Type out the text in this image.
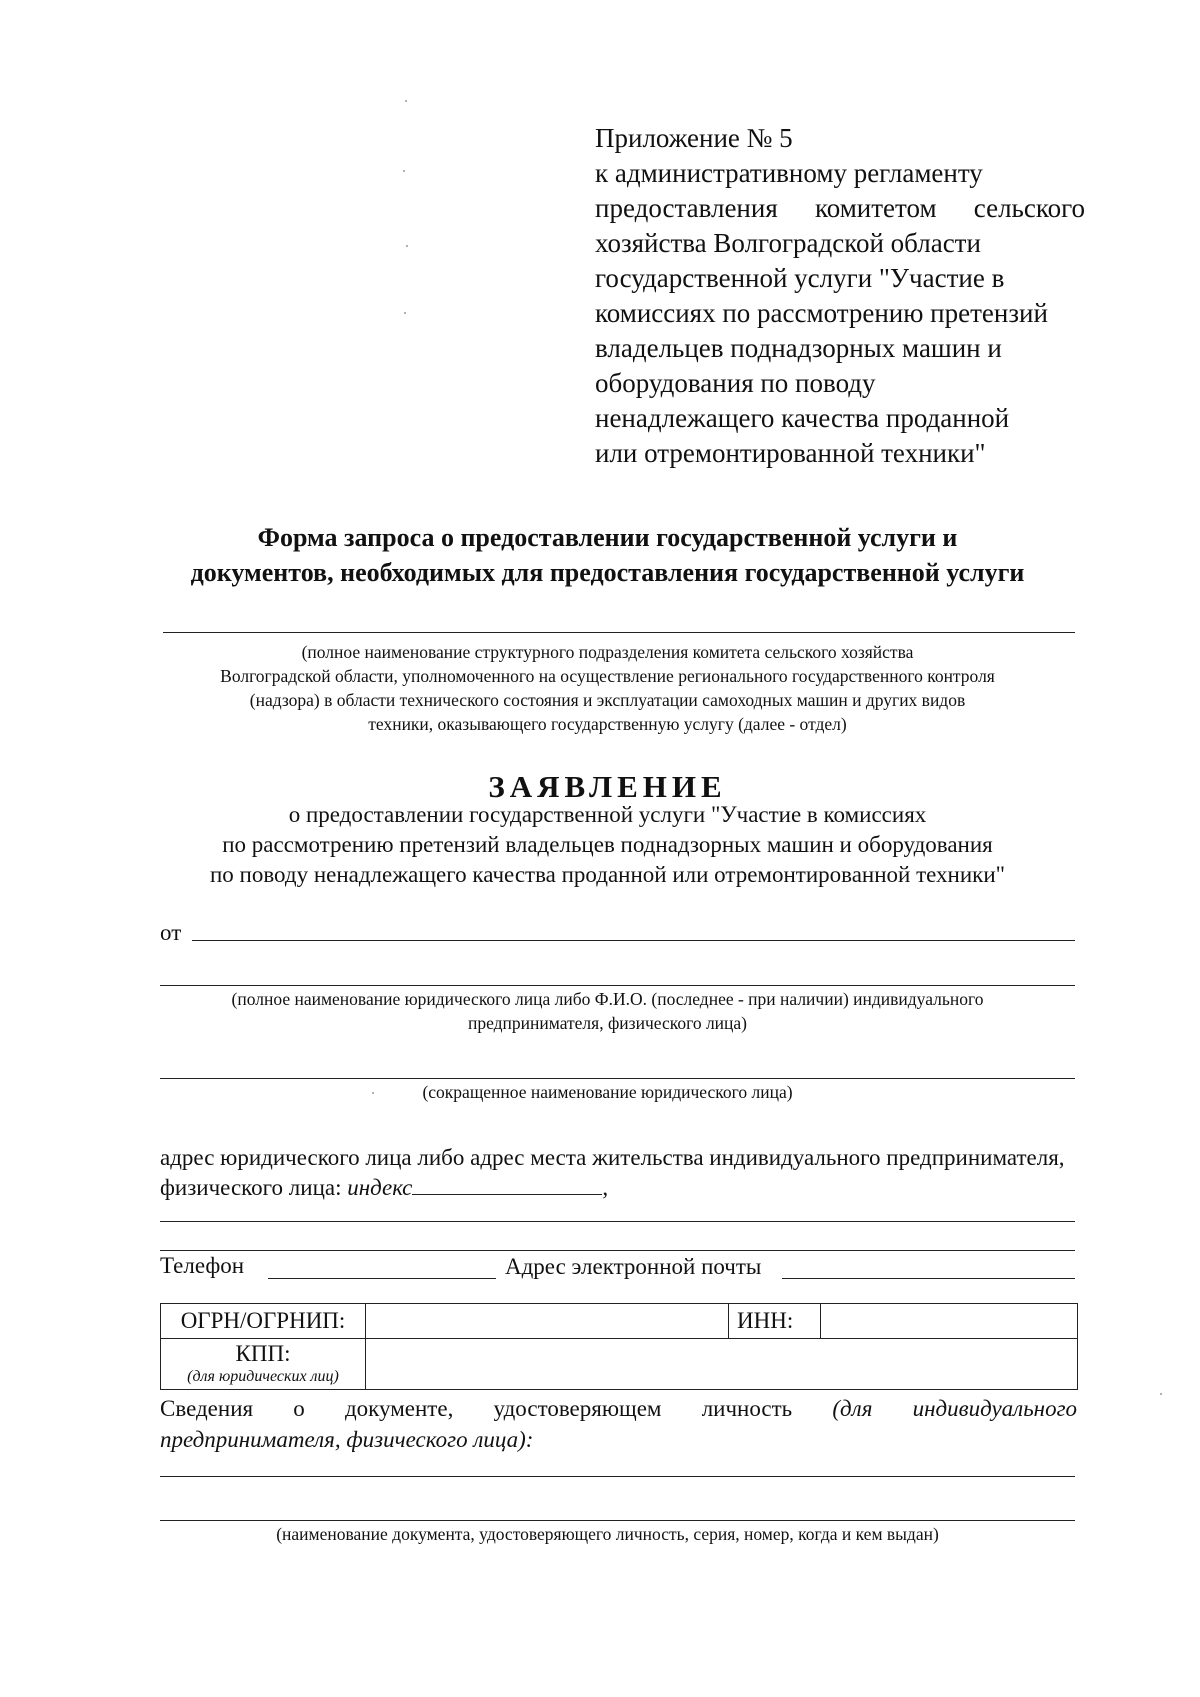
Приложение № 5
к административному регламенту
предоставления комитетом сельского
хозяйства Волгоградской области
государственной услуги "Участие в
комиссиях по рассмотрению претензий
владельцев поднадзорных машин и
оборудования по поводу
ненадлежащего качества проданной
или отремонтированной техники"
Форма запроса о предоставлении государственной услуги и
документов, необходимых для предоставления государственной услуги
(полное наименование структурного подразделения комитета сельского хозяйства
Волгоградской области, уполномоченного на осуществление регионального государственного контроля
(надзора) в области технического состояния и эксплуатации самоходных машин и других видов
техники, оказывающего государственную услугу (далее - отдел)
ЗАЯВЛЕНИЕ
о предоставлении государственной услуги "Участие в комиссиях
по рассмотрению претензий владельцев поднадзорных машин и оборудования
по поводу ненадлежащего качества проданной или отремонтированной техники"
от
(полное наименование юридического лица либо Ф.И.О. (последнее - при наличии) индивидуального
предпринимателя, физического лица)
(сокращенное наименование юридического лица)
адрес юридического лица либо адрес места жительства индивидуального предпринимателя,
физического лица: индекс	,
Телефон	Адрес электронной почты
ОГРН/ОГРНИП:		ИНН:	

КПП:
(для юридических лиц)			

Сведения о документе, удостоверяющем личность (для индивидуального
предпринимателя, физического лица):
(наименование документа, удостоверяющего личность, серия, номер, когда и кем выдан)
